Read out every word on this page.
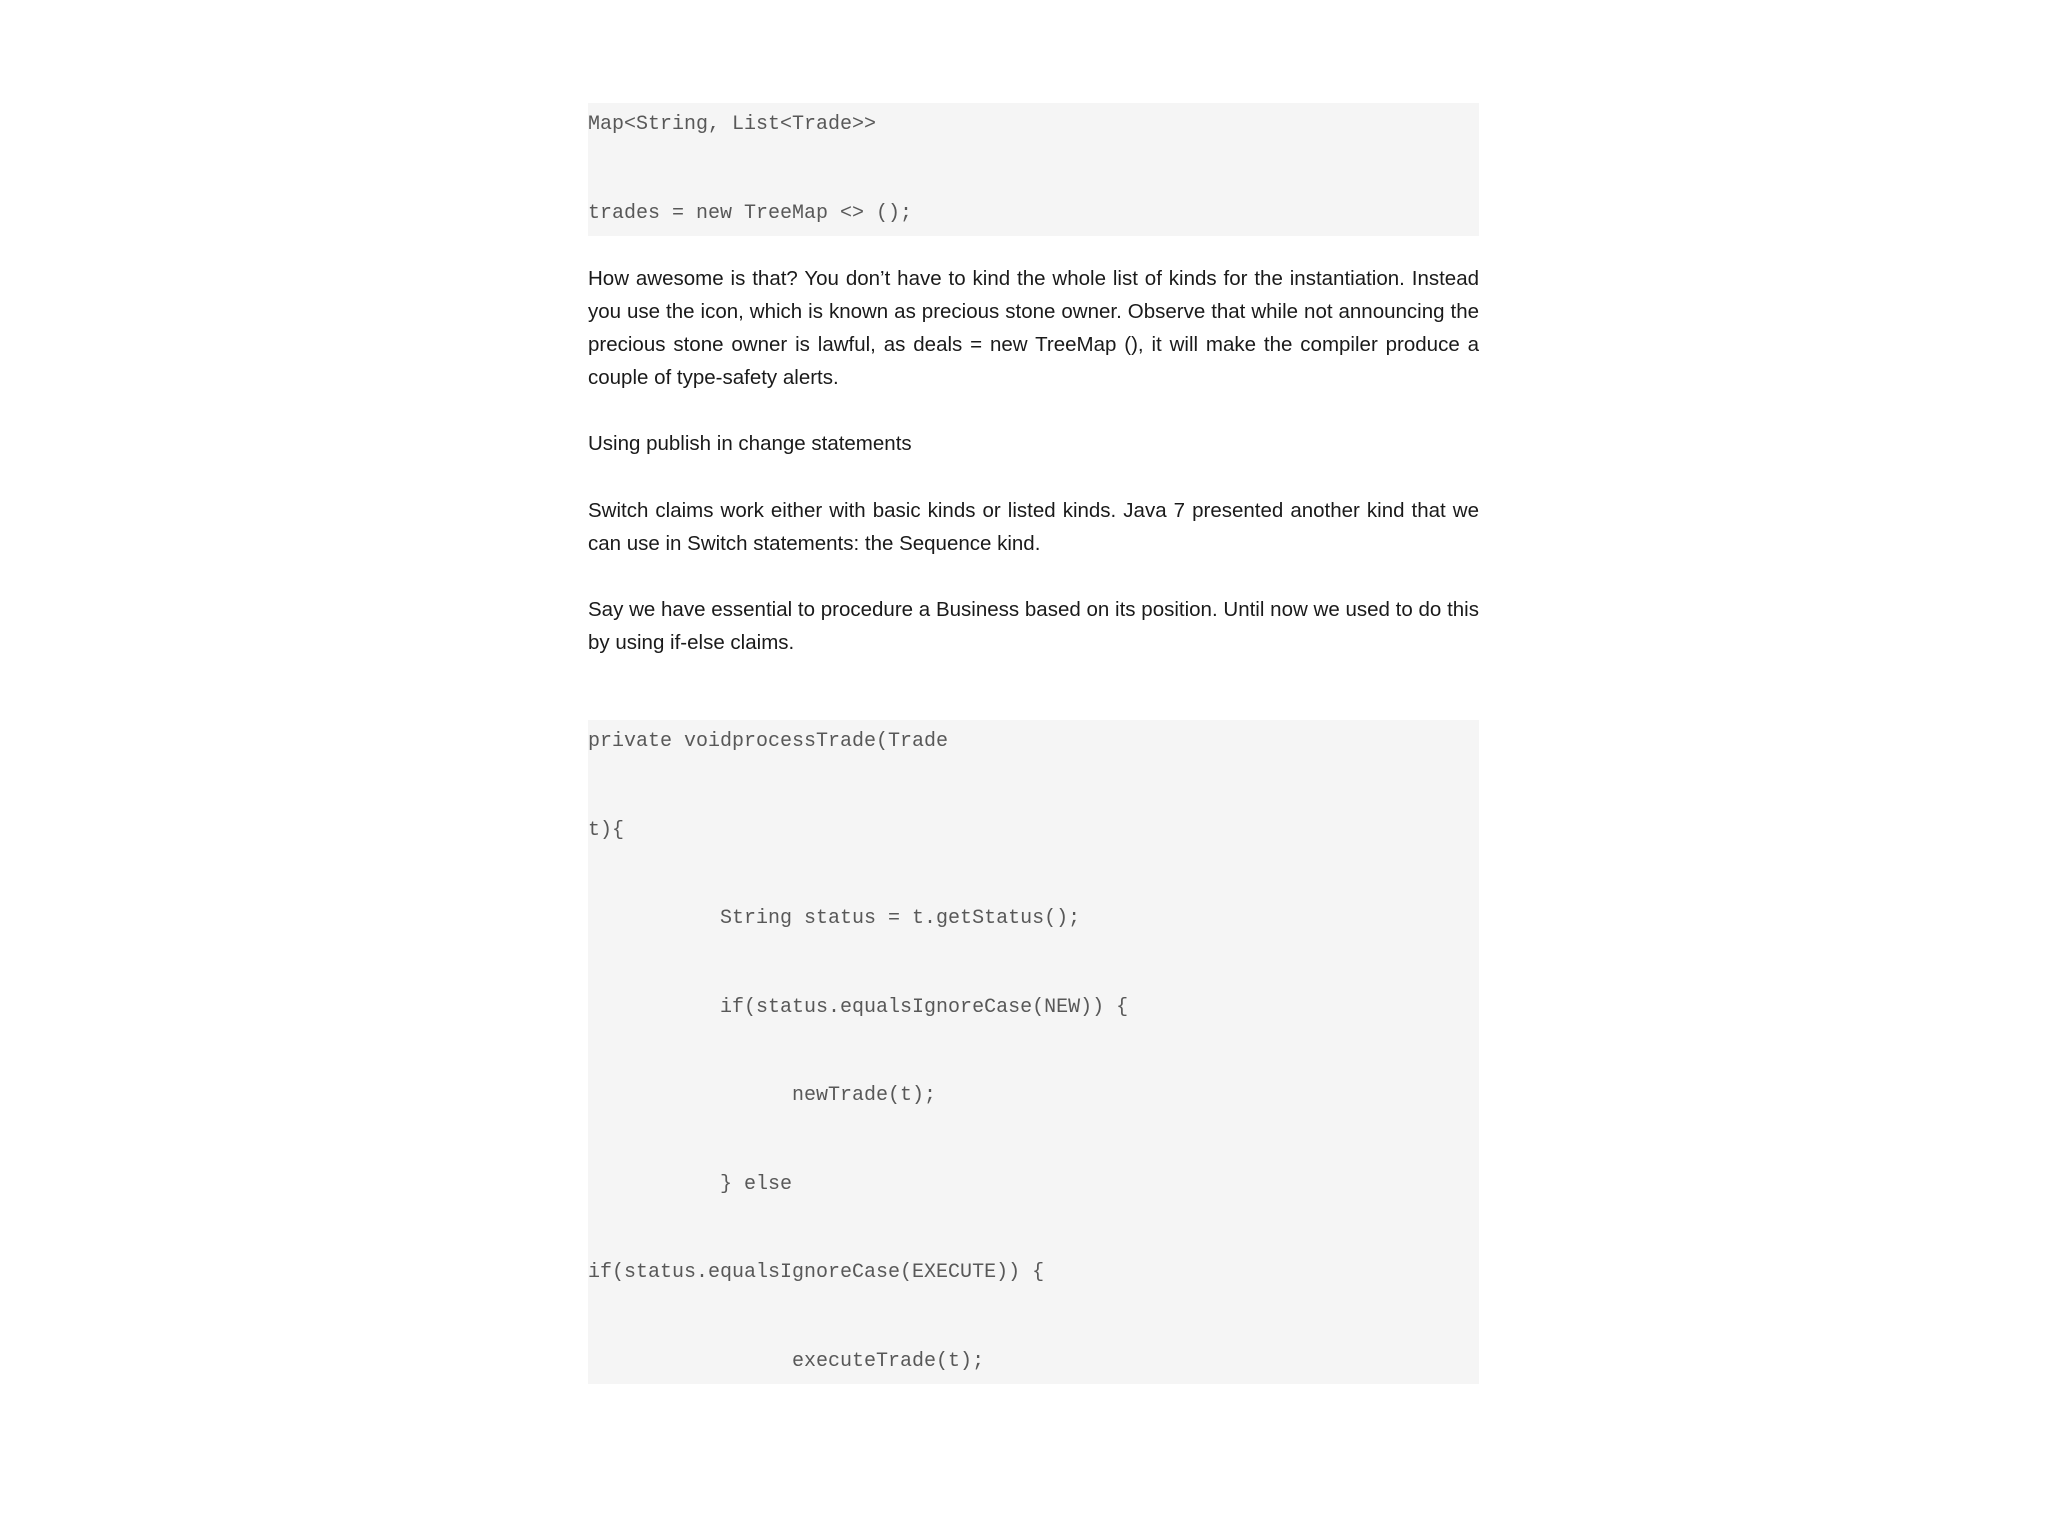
Map<String, List<Trade>>
trades = new TreeMap <> ();

How awesome is that? You don’t have to kind the whole list of kinds for the instantiation. Instead you use the icon, which is known as precious stone owner. Observe that while not announcing the precious stone owner is lawful, as deals = new TreeMap (), it will make the compiler produce a couple of type-safety alerts.

Using publish in change statements

Switch claims work either with basic kinds or listed kinds. Java 7 presented another kind that we can use in Switch statements: the Sequence kind.

Say we have essential to procedure a Business based on its position. Until now we used to do this by using if-else claims.

private voidprocessTrade(Trade
t){
String status = t.getStatus();
if(status.equalsIgnoreCase(NEW)) {
newTrade(t);
} else
if(status.equalsIgnoreCase(EXECUTE)) {
executeTrade(t);
